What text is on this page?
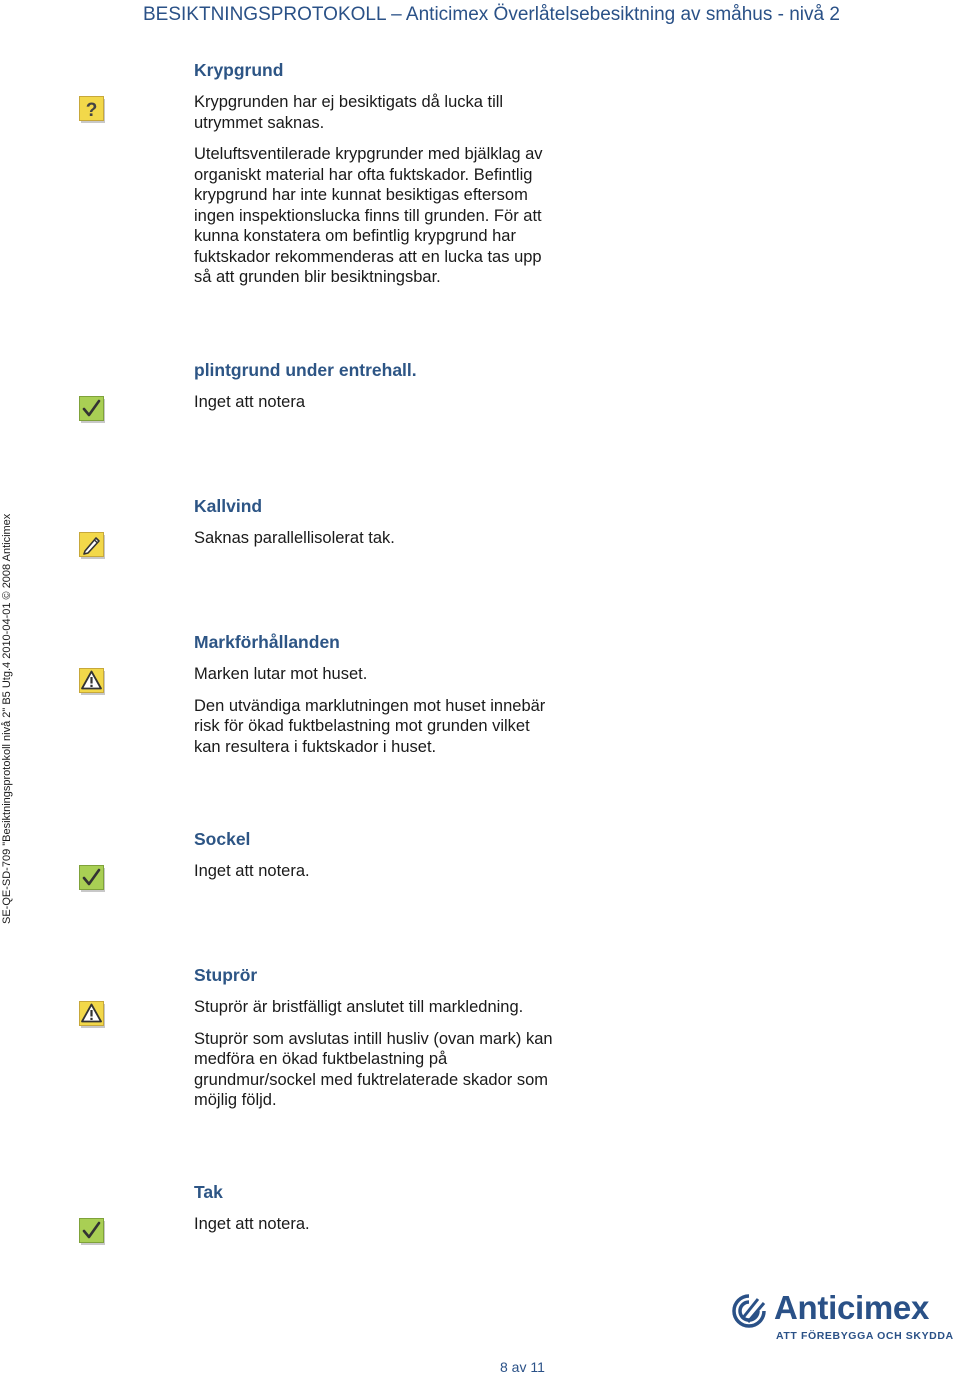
BESIKTNINGSPROTOKOLL – Anticimex Överlåtelsebesiktning av småhus - nivå 2
SE-QE-SD-709 "Besiktningsprotokoll nivå 2" B5 Utg.4 2010-04-01 © 2008 Anticimex
Krypgrund
?	Krypgrunden har ej besiktigats då lucka till utrymmet saknas.

Uteluftsventilerade krypgrunder med bjälklag av organiskt material har ofta fuktskador. Befintlig krypgrund har inte kunnat besiktigas eftersom ingen inspektionslucka finns till grunden. För att kunna konstatera om befintlig krypgrund har fuktskador rekommenderas att en lucka tas upp så att grunden blir besiktningsbar.

plintgrund under entrehall.

Inget att notera

Kallvind

Saknas parallellisolerat tak.

Markförhållanden

Marken lutar mot huset.

Den utvändiga marklutningen mot huset innebär risk för ökad fuktbelastning mot grunden vilket kan resultera i fuktskador i huset.

Sockel

Inget att notera.

Stuprör

Stuprör är bristfälligt anslutet till markledning.

Stuprör som avslutas intill husliv (ovan mark) kan medföra en ökad fuktbelastning på grundmur/sockel med fuktrelaterade skador som möjlig följd.

Tak

Inget att notera.

Anticimex
ATT FÖREBYGGA OCH SKYDDA
8 av 11
